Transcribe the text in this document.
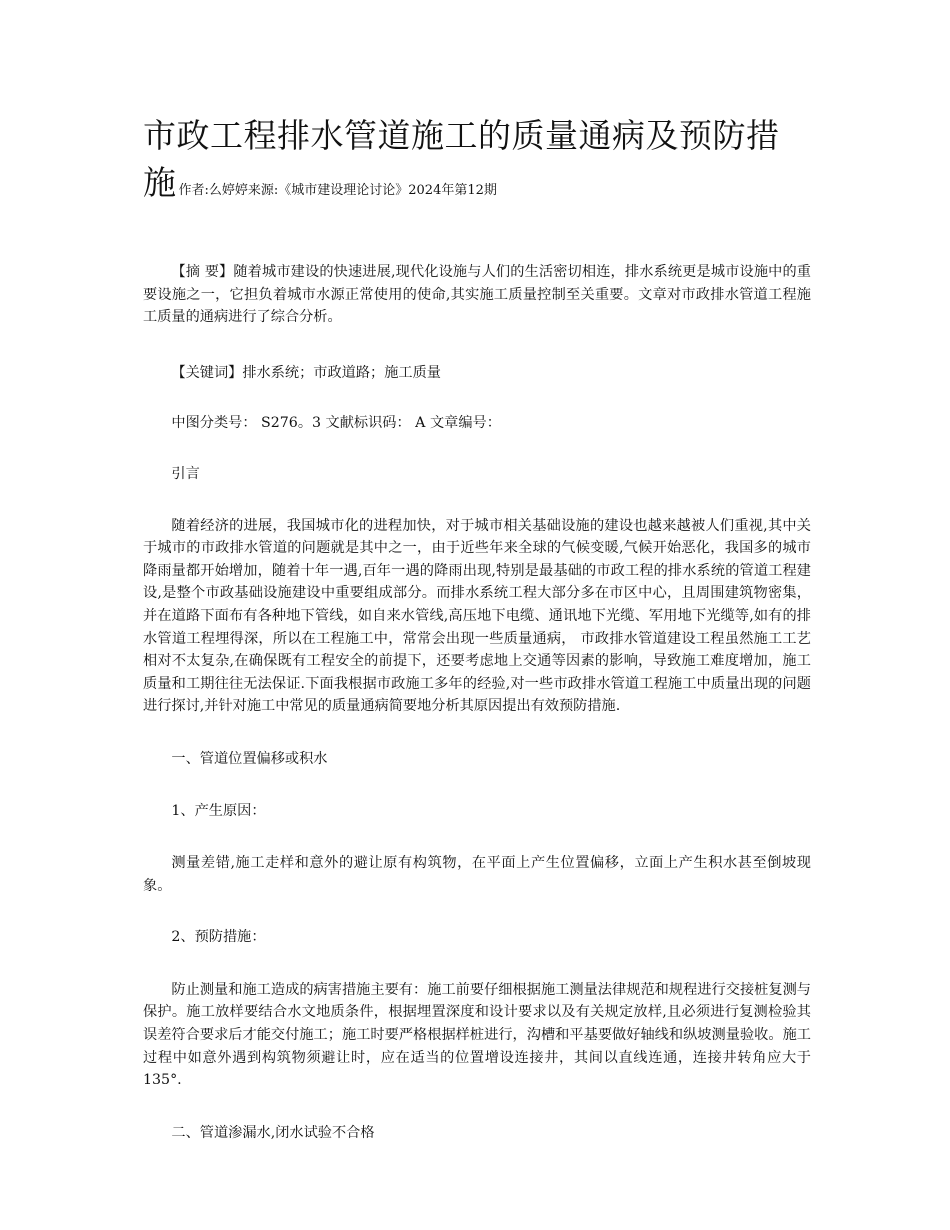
市政工程排水管道施工的质量通病及预防措施 作者:么婷婷来源:《城市建设理论讨论》2024年第12期

【摘 要】随着城市建设的快速进展,现代化设施与人们的生活密切相连，排水系统更是城市设施中的重要设施之一，它担负着城市水源正常使用的使命,其实施工质量控制至关重要。文章对市政排水管道工程施工质量的通病进行了综合分析。

【关键词】排水系统；市政道路；施工质量

中图分类号： S276。3 文献标识码： A 文章编号：

引言

随着经济的进展，我国城市化的进程加快，对于城市相关基础设施的建设也越来越被人们重视,其中关于城市的市政排水管道的问题就是其中之一，由于近些年来全球的气候变暖,气候开始恶化，我国多的城市降雨量都开始增加，随着十年一遇,百年一遇的降雨出现,特别是最基础的市政工程的排水系统的管道工程建设,是整个市政基础设施建设中重要组成部分。而排水系统工程大部分多在市区中心，且周围建筑物密集，并在道路下面布有各种地下管线，如自来水管线,高压地下电缆、通讯地下光缆、军用地下光缆等,如有的排水管道工程埋得深，所以在工程施工中，常常会出现一些质量通病， 市政排水管道建设工程虽然施工工艺相对不太复杂,在确保既有工程安全的前提下，还要考虑地上交通等因素的影响，导致施工难度增加，施工质量和工期往往无法保证.下面我根据市政施工多年的经验,对一些市政排水管道工程施工中质量出现的问题进行探讨,并针对施工中常见的质量通病简要地分析其原因提出有效预防措施.

一、管道位置偏移或积水

1、产生原因：

测量差错,施工走样和意外的避让原有构筑物，在平面上产生位置偏移，立面上产生积水甚至倒坡现象。

2、预防措施：

防止测量和施工造成的病害措施主要有：施工前要仔细根据施工测量法律规范和规程进行交接桩复测与保护。施工放样要结合水文地质条件，根据埋置深度和设计要求以及有关规定放样,且必须进行复测检验其误差符合要求后才能交付施工；施工时要严格根据样桩进行，沟槽和平基要做好轴线和纵坡测量验收。施工过程中如意外遇到构筑物须避让时，应在适当的位置增设连接井，其间以直线连通，连接井转角应大于 135°.

二、管道渗漏水,闭水试验不合格
